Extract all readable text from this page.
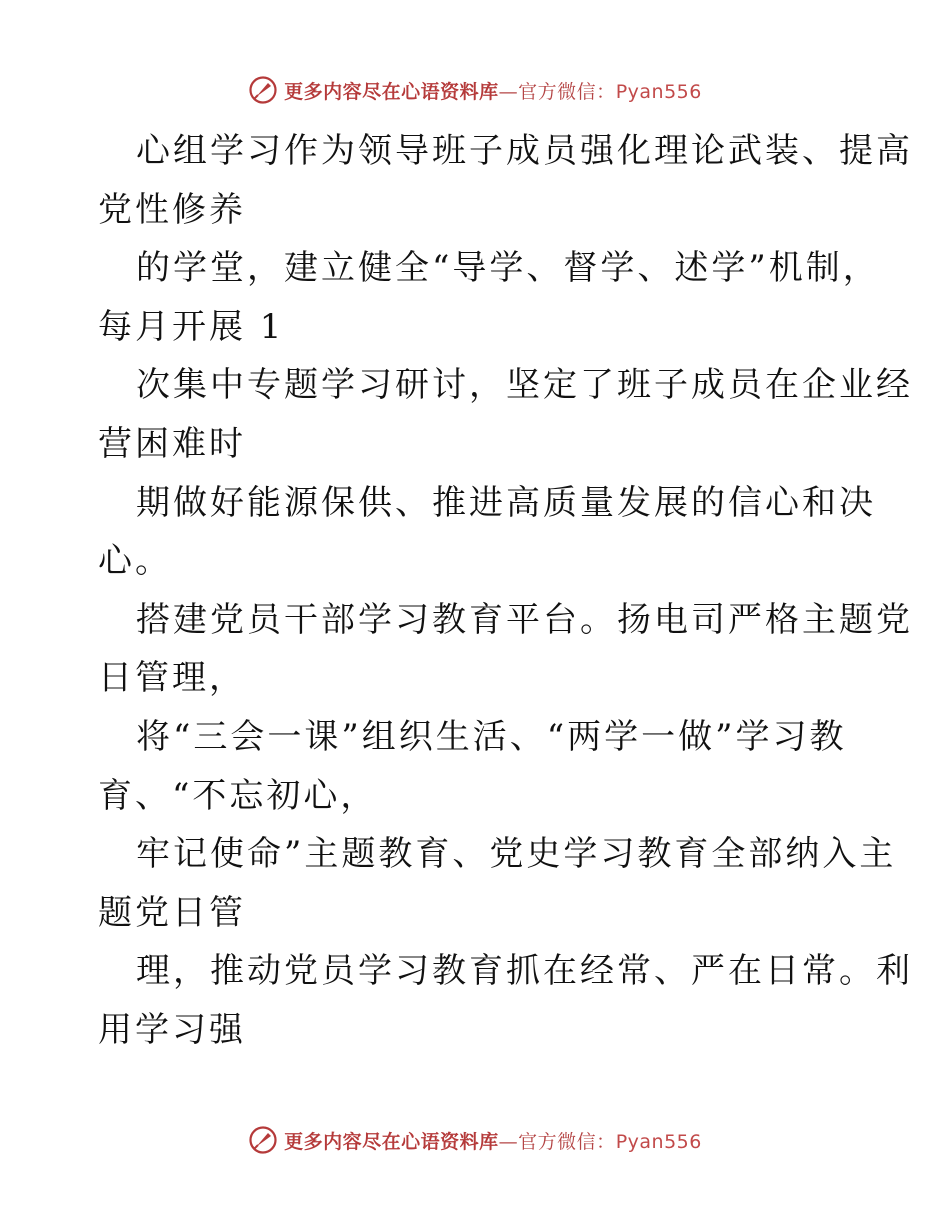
更多内容尽在心语资料库—官方微信：Pyan556
心组学习作为领导班子成员强化理论武装、提高
党性修养
的学堂，建立健全“导学、督学、述学”机制，
每月开展 1
次集中专题学习研讨，坚定了班子成员在企业经
营困难时
期做好能源保供、推进高质量发展的信心和决
心。
搭建党员干部学习教育平台。扬电司严格主题党
日管理，
将“三会一课”组织生活、“两学一做”学习教
育、“不忘初心，
牢记使命”主题教育、党史学习教育全部纳入主
题党日管
理，推动党员学习教育抓在经常、严在日常。利
用学习强
更多内容尽在心语资料库—官方微信：Pyan556
